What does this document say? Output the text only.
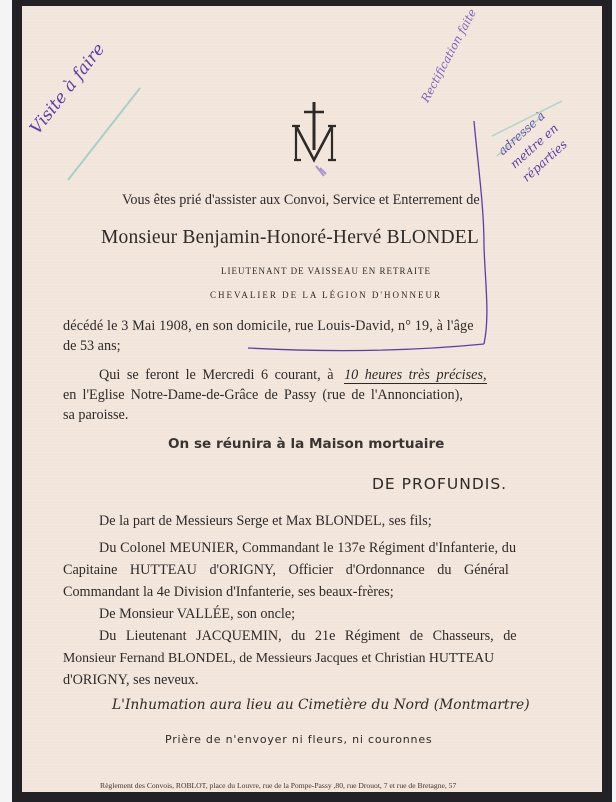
Vous êtes prié d'assister aux Convoi, Service et Enterrement de
Monsieur Benjamin-Honoré-Hervé BLONDEL
LIEUTENANT DE VAISSEAU EN RETRAITE
CHEVALIER DE LA LÉGION D'HONNEUR
décédé le 3 Mai 1908, en son domicile, rue Louis-David, n° 19, à l'âge
de 53 ans;
Qui se feront le Mercredi 6 courant, à 10 heures très précises,
en l'Eglise Notre-Dame-de-Grâce de Passy (rue de l'Annonciation),
sa paroisse.
On se réunira à la Maison mortuaire
DE PROFUNDIS.
De la part de Messieurs Serge et Max BLONDEL, ses fils;
Du Colonel MEUNIER, Commandant le 137e Régiment d'Infanterie, du
Capitaine HUTTEAU d'ORIGNY, Officier d'Ordonnance du Général
Commandant la 4e Division d'Infanterie, ses beaux-frères;
De Monsieur VALLÉE, son oncle;
Du Lieutenant JACQUEMIN, du 21e Régiment de Chasseurs, de
Monsieur Fernand BLONDEL, de Messieurs Jacques et Christian HUTTEAU
d'ORIGNY, ses neveux.
L'Inhumation aura lieu au Cimetière du Nord (Montmartre)
Prière de n'envoyer ni fleurs, ni couronnes
Règlement des Convois, ROBLOT, place du Louvre, rue de la Pompe-Passy ,80, rue Drouot, 7 et rue de Bretagne, 57
Visite à faire	Rectification faite
adresse à mettre en réparties
